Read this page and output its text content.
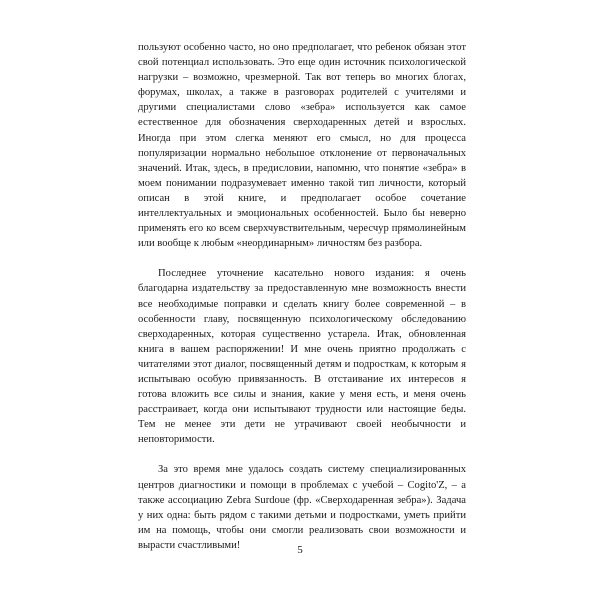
пользуют особенно часто, но оно предполагает, что ребенок обязан этот свой потенциал использовать. Это еще один источник психологической нагрузки – возможно, чрезмерной. Так вот теперь во многих блогах, форумах, школах, а также в разговорах родителей с учителями и другими специалистами слово «зебра» используется как самое естественное для обозначения сверходаренных детей и взрослых. Иногда при этом слегка меняют его смысл, но для процесса популяризации нормально небольшое отклонение от первоначальных значений. Итак, здесь, в предисловии, напомню, что понятие «зебра» в моем понимании подразумевает именно такой тип личности, который описан в этой книге, и предполагает особое сочетание интеллектуальных и эмоциональных особенностей. Было бы неверно применять его ко всем сверхчувствительным, чересчур прямолинейным или вообще к любым «неординарным» личностям без разбора.

Последнее уточнение касательно нового издания: я очень благодарна издательству за предоставленную мне возможность внести все необходимые поправки и сделать книгу более современной – в особенности главу, посвященную психологическому обследованию сверходаренных, которая существенно устарела. Итак, обновленная книга в вашем распоряжении! И мне очень приятно продолжать с читателями этот диалог, посвященный детям и подросткам, к которым я испытываю особую привязанность. В отстаивание их интересов я готова вложить все силы и знания, какие у меня есть, и меня очень расстраивает, когда они испытывают трудности или настоящие беды. Тем не менее эти дети не утрачивают своей необычности и неповторимости.

За это время мне удалось создать систему специализированных центров диагностики и помощи в проблемах с учебой – Cogito'Z, – а также ассоциацию Zebra Surdoue (фр. «Сверходаренная зебра»). Задача у них одна: быть рядом с такими детьми и подростками, уметь прийти им на помощь, чтобы они смогли реализовать свои возможности и вырасти счастливыми!	5
